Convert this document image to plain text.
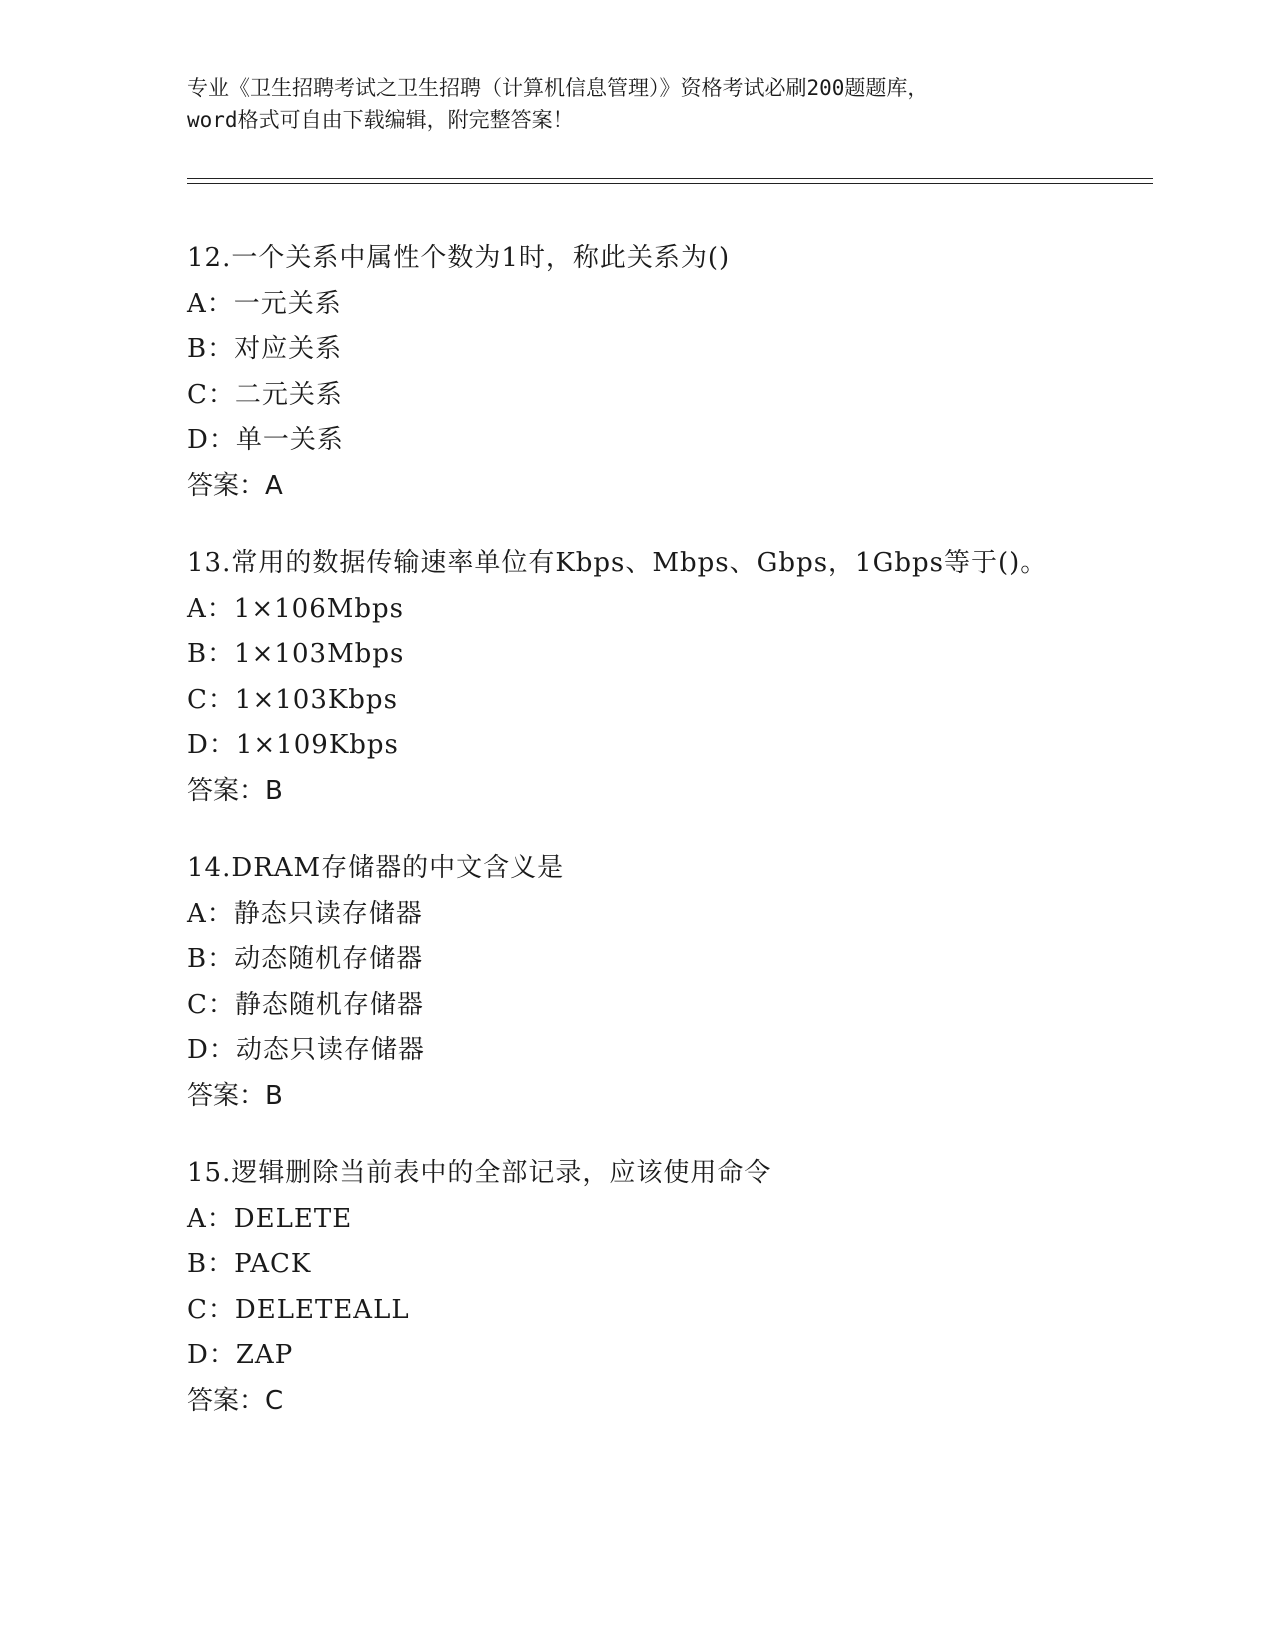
专业《卫生招聘考试之卫生招聘（计算机信息管理）》资格考试必刷200题题库，
word格式可自由下载编辑，附完整答案！
12.一个关系中属性个数为1时，称此关系为()
A：一元关系
B：对应关系
C：二元关系
D：单一关系
答案：A
13.常用的数据传输速率单位有Kbps、Mbps、Gbps，1Gbps等于()。
A：1×106Mbps
B：1×103Mbps
C：1×103Kbps
D：1×109Kbps
答案：B
14.DRAM存储器的中文含义是
A：静态只读存储器
B：动态随机存储器
C：静态随机存储器
D：动态只读存储器
答案：B
15.逻辑删除当前表中的全部记录，应该使用命令
A：DELETE
B：PACK
C：DELETEALL
D：ZAP
答案：C
